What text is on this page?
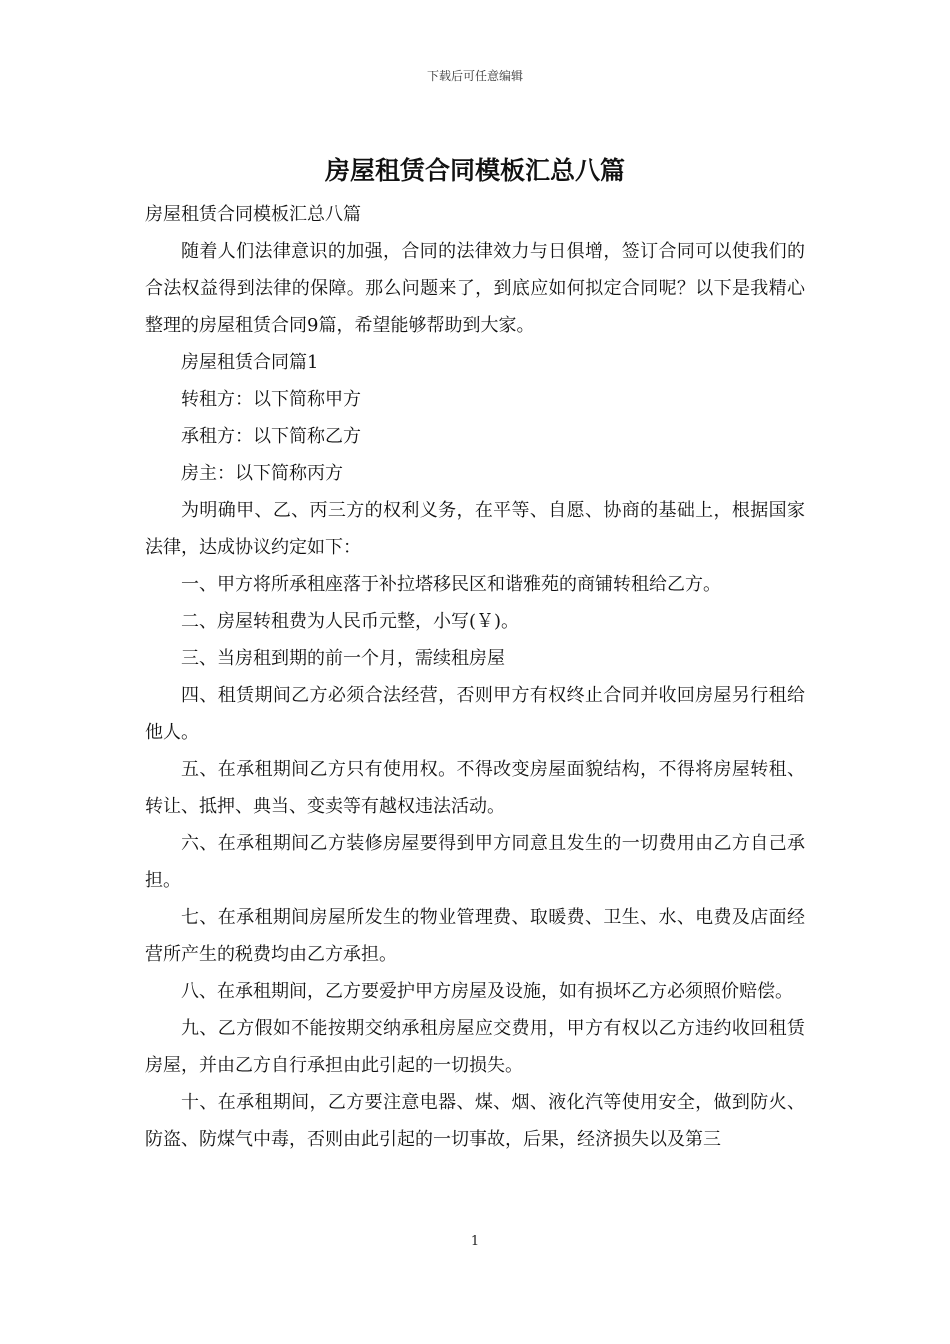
下载后可任意编辑
房屋租赁合同模板汇总八篇

房屋租赁合同模板汇总八篇

随着人们法律意识的加强，合同的法律效力与日俱增，签订合同可以使我们的合法权益得到法律的保障。那么问题来了，到底应如何拟定合同呢？以下是我精心整理的房屋租赁合同9篇，希望能够帮助到大家。

房屋租赁合同篇1

转租方：以下简称甲方

承租方：以下简称乙方

房主：以下简称丙方

为明确甲、乙、丙三方的权利义务，在平等、自愿、协商的基础上，根据国家法律，达成协议约定如下：

一、甲方将所承租座落于补拉塔移民区和谐雅苑的商铺转租给乙方。

二、房屋转租费为人民币元整，小写(￥)。

三、当房租到期的前一个月，需续租房屋

四、租赁期间乙方必须合法经营，否则甲方有权终止合同并收回房屋另行租给他人。

五、在承租期间乙方只有使用权。不得改变房屋面貌结构，不得将房屋转租、转让、抵押、典当、变卖等有越权违法活动。

六、在承租期间乙方装修房屋要得到甲方同意且发生的一切费用由乙方自己承担。

七、在承租期间房屋所发生的物业管理费、取暖费、卫生、水、电费及店面经营所产生的税费均由乙方承担。

八、在承租期间，乙方要爱护甲方房屋及设施，如有损坏乙方必须照价赔偿。

九、乙方假如不能按期交纳承租房屋应交费用，甲方有权以乙方违约收回租赁房屋，并由乙方自行承担由此引起的一切损失。

十、在承租期间，乙方要注意电器、煤、烟、液化汽等使用安全，做到防火、防盗、防煤气中毒，否则由此引起的一切事故，后果，经济损失以及第三

1
